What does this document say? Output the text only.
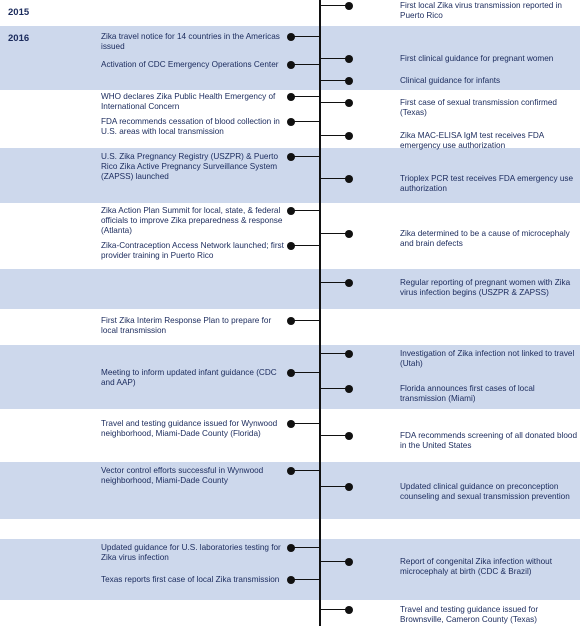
2015
2016
First local Zika virus transmission reported in Puerto Rico
First clinical guidance for pregnant women
Clinical guidance for infants
First case of sexual transmission confirmed (Texas)
Zika MAC-ELISA IgM test receives FDA emergency use authorization
Trioplex PCR test receives FDA emergency use authorization
Zika determined to be a cause of microcephaly and brain defects
Regular reporting of pregnant women with Zika virus infection begins (USZPR & ZAPSS)
Investigation of Zika infection not linked to travel (Utah)
Florida announces first cases of local transmission (Miami)
FDA recommends screening of all donated blood in the United States
Updated clinical guidance on preconception counseling and sexual transmission prevention
Report of congenital Zika infection without microcephaly at birth (CDC & Brazil)
Travel and testing guidance issued for Brownsville, Cameron County (Texas)
Zika travel notice for 14 countries in the Americas issued
Activation of CDC Emergency Operations Center
WHO declares Zika Public Health Emergency of International Concern
FDA recommends cessation of blood collection in U.S. areas with local transmission
U.S. Zika Pregnancy Registry (USZPR) & Puerto Rico Zika Active Pregnancy Surveillance System (ZAPSS) launched
Zika Action Plan Summit for local, state, & federal officials to improve Zika preparedness & response (Atlanta)
Zika-Contraception Access Network launched; first provider training in Puerto Rico
First Zika Interim Response Plan to prepare for local transmission
Meeting to inform updated infant guidance (CDC and AAP)
Travel and testing guidance issued for Wynwood neighborhood, Miami-Dade County (Florida)
Vector control efforts successful in Wynwood neighborhood, Miami-Dade County
Updated guidance for U.S. laboratories testing for Zika virus infection
Texas reports first case of local Zika transmission
